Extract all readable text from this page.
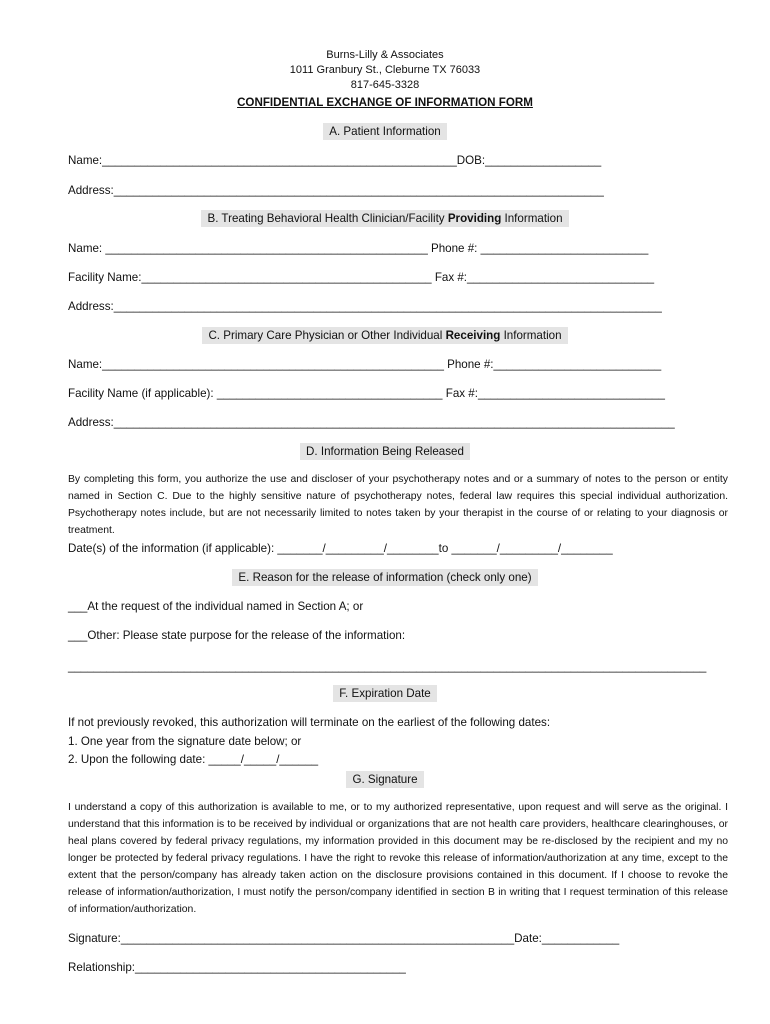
Burns-Lilly & Associates
1011 Granbury St., Cleburne TX 76033
817-645-3328
CONFIDENTIAL EXCHANGE OF INFORMATION FORM
A. Patient Information
Name:_______________________________________________________DOB:__________________
Address:____________________________________________________________________________
B. Treating Behavioral Health Clinician/Facility Providing Information
Name: __________________________________________________ Phone #: __________________________
Facility Name:_____________________________________________ Fax #:_____________________________
Address:_____________________________________________________________________________________
C. Primary Care Physician or Other Individual Receiving Information
Name:_____________________________________________________ Phone #:__________________________
Facility Name (if applicable): ___________________________________ Fax #:_____________________________
Address:_______________________________________________________________________________________
D. Information Being Released
By completing this form, you authorize the use and discloser of your psychotherapy notes and or a summary of notes to the person or entity named in Section C. Due to the highly sensitive nature of psychotherapy notes, federal law requires this special individual authorization. Psychotherapy notes include, but are not necessarily limited to notes taken by your therapist in the course of or relating to your diagnosis or treatment.
Date(s) of the information (if applicable): _______/_________/________to _______/_________/________
E. Reason for the release of information (check only one)
___At the request of the individual named in Section A; or
___Other: Please state purpose for the release of the information:
___________________________________________________________________________________________________
F. Expiration Date
If not previously revoked, this authorization will terminate on the earliest of the following dates:
1. One year from the signature date below; or
2. Upon the following date: _____/_____/______
G. Signature
I understand a copy of this authorization is available to me, or to my authorized representative, upon request and will serve as the original. I understand that this information is to be received by individual or organizations that are not health care providers, healthcare clearinghouses, or heal plans covered by federal privacy regulations, my information provided in this document may be re-disclosed by the recipient and my no longer be protected by federal privacy regulations. I have the right to revoke this release of information/authorization at any time, except to the extent that the person/company has already taken action on the disclosure provisions contained in this document. If I choose to revoke the release of information/authorization, I must notify the person/company identified in section B in writing that I request termination of this release of information/authorization.
Signature:_____________________________________________________________Date:____________
Relationship:__________________________________________
